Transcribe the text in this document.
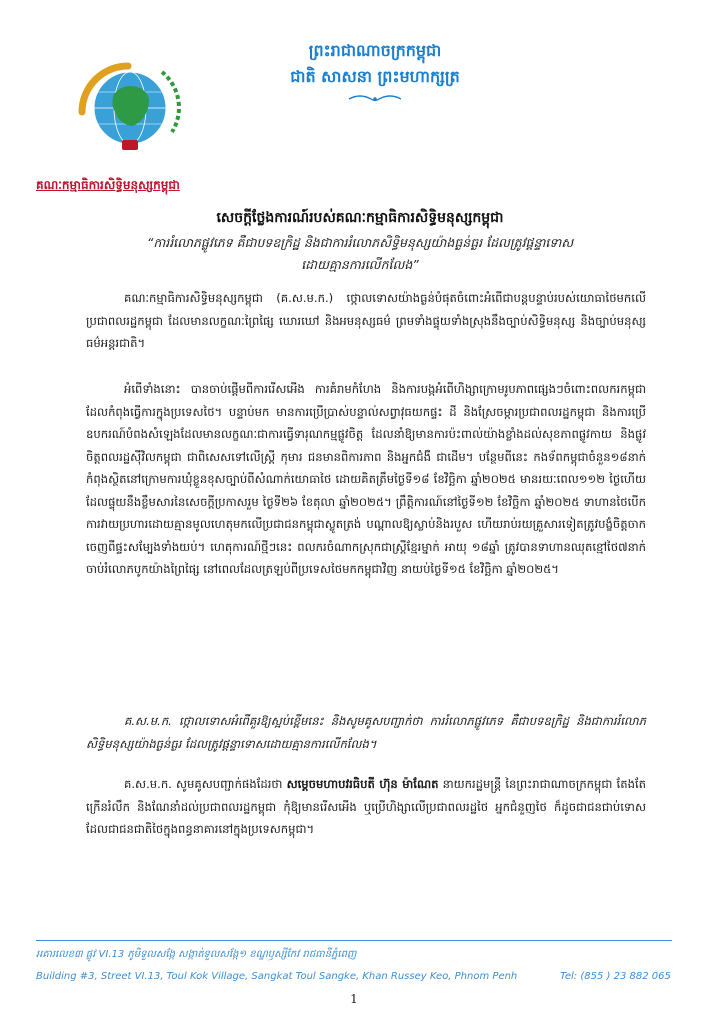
គណៈកម្មាធិការសិទ្ធិមនុស្សកម្ពុជា
ព្រះរាជាណាចក្រកម្ពុជា
ជាតិ សាសនា ព្រះមហាក្សត្រ
សេចក្តីថ្លែងការណ៍របស់គណៈកម្មាធិការសិទ្ធិមនុស្សកម្ពុជា
“ការរំលោភផ្លូវភេទ គឺជាបទឧក្រិដ្ឋ និងជាការរំលោភសិទ្ធិមនុស្សយ៉ាងធ្ងន់ធ្ងរ ដែលត្រូវផ្តន្ទាទោស
ដោយគ្មានការលើកលែង”
គណៈកម្មាធិការសិទ្ធិមនុស្សកម្ពុជា (គ.ស.ម.ក.) ថ្កោលទោសយ៉ាងធ្ងន់បំផុតចំពោះអំពើជាបន្តបន្ទាប់របស់យោធាថៃមកលើប្រជាពលរដ្ឋកម្ពុជា ដែលមានលក្ខណៈព្រៃផ្សៃ ឃោរឃៅ និងអមនុស្សធម៌ ព្រមទាំងផ្ទុយទាំងស្រុងនឹងច្បាប់សិទ្ធិមនុស្ស និងច្បាប់មនុស្សធម៌អន្តរជាតិ។
អំពើទាំងនោះ បានចាប់ផ្តើមពីការរើសអើង ការគំរាមកំហែង និងការបង្កអំពើហិង្សាក្រោមរូបភាពផ្សេងៗចំពោះពលករកម្ពុជា ដែលកំពុងធ្វើការក្នុងប្រទេសថៃ។ បន្ទាប់មក មានការប្រើប្រាស់បន្ទាល់សព្វាវុធយកផ្ទះ ដី និងស្រែចម្ការប្រជាពលរដ្ឋកម្ពុជា និងការប្រើឧបករណ៍បំពងសំឡេងដែលមានលក្ខណៈជាការធ្វើទារុណកម្មផ្លូវចិត្ត ដែលនាំឱ្យមានការប៉ះពាល់យ៉ាងខ្លាំងដល់សុខភាពផ្លូវកាយ និងផ្លូវចិត្តពលរដ្ឋស៊ីវិលកម្ពុជា ជាពិសេសទៅលើស្ត្រី កុមារ ជនមានពិការភាព និងអ្នកជំងឺ ជាដើម។ បន្ថែមពីនេះ កងទ័ពកម្ពុជាចំនួន១៨នាក់ កំពុងស្ថិតនៅក្រោមការឃុំខ្លួនខុសច្បាប់ពីសំណាក់យោធាថៃ ដោយគិតត្រឹមថ្ងៃទី១៨ ខែវិច្ឆិកា ឆ្នាំ២០២៥ មានរយៈពេល១១២ ថ្ងៃហើយ ដែលផ្ទុយនឹងខ្លឹមសារនៃសេចក្តីប្រកាសរួម ថ្ងៃទី២៦ ខែតុលា ឆ្នាំ២០២៥។ ព្រឹត្តិការណ៍នៅថ្ងៃទី១២ ខែវិច្ឆិកា ឆ្នាំ២០២៥ ទាហានថៃបើកការវាយប្រហារដោយគ្មានមូលហេតុមកលើប្រជាជនកម្ពុជាស្លូតត្រង់ បណ្តាលឱ្យស្លាប់និងរបួស ហើយរាប់រយគ្រួសារទៀតត្រូវបង្ខំចិត្តចាកចេញពីផ្ទះសម្បែងទាំងយប់។ ហេតុការណ៍ថ្មីៗនេះ ពលករចំណាកស្រុកជាស្ត្រីខ្មែរម្នាក់ អាយុ ១៨ឆ្នាំ ត្រូវបានទាហានឈុតខ្មៅថៃ៧នាក់ ចាប់រំលោភបូកយ៉ាងព្រៃផ្សៃ នៅពេលដែលត្រឡប់ពីប្រទេសថៃមកកម្ពុជាវិញ នាយប់ថ្ងៃទី១៥ ខែវិច្ឆិកា ឆ្នាំ២០២៥។
គ.ស.ម.ក. ថ្កោលទោសអំពើគួរឱ្យស្អប់ខ្ពើមនេះ និងសូមគូសបញ្ជាក់ថា ការរំលោភផ្លូវភេទ គឺជាបទឧក្រិដ្ឋ និងជាការរំលោភសិទ្ធិមនុស្សយ៉ាងធ្ងន់ធ្ងរ ដែលត្រូវផ្តន្ទាទោសដោយគ្មានការលើកលែង។
គ.ស.ម.ក. សូមគូសបញ្ជាក់ផងដែរថា សម្តេចមហាបវរធិបតី ហ៊ុន ម៉ាណែត នាយករដ្ឋមន្ត្រី នៃព្រះរាជាណាចក្រកម្ពុជា តែងតែក្រើនរំលឹក និងណែនាំដល់ប្រជាពលរដ្ឋកម្ពុជា កុំឱ្យមានរើសអើង ឬប្រើហិង្សាលើប្រជាពលរដ្ឋថៃ អ្នកជំនួញថៃ ក៏ដូចជាជនជាប់ទោសដែលជាជនជាតិថៃក្នុងពន្ធនាគារនៅក្នុងប្រទេសកម្ពុជា។
អគារលេខ៣ ផ្លូវ VI.13 ភូមិទួលសង្កែ សង្កាត់ទួលសង្កែ១ ខណ្ឌឫស្សីកែវ រាជធានីភ្នំពេញ
Building #3, Street VI.13, Toul Kok Village, Sangkat Toul Sangke, Khan Russey Keo, Phnom Penh	Tel: (855 ) 23 882 065
1
